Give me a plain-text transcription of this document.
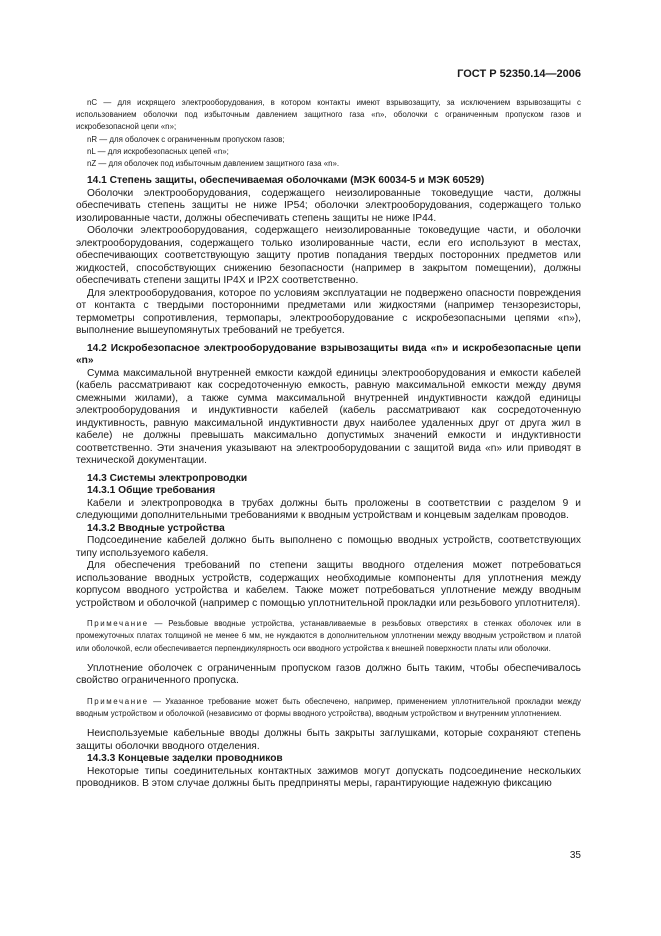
ГОСТ Р 52350.14—2006

nC — для искрящего электрооборудования, в котором контакты имеют взрывозащиту, за исключением взрывозащиты с использованием оболочки под избыточным давлением защитного газа «n», оболочки с ограниченным пропуском газов и искробезопасной цепи «n»;

nR — для оболочек с ограниченным пропуском газов;

nL — для искробезопасных цепей «n»;

nZ — для оболочек под избыточным давлением защитного газа «n».

14.1 Степень защиты, обеспечиваемая оболочками (МЭК 60034-5 и МЭК 60529)

Оболочки электрооборудования, содержащего неизолированные токоведущие части, должны обеспечивать степень защиты не ниже IP54; оболочки электрооборудования, содержащего только изолированные части, должны обеспечивать степень защиты не ниже IP44.

Оболочки электрооборудования, содержащего неизолированные токоведущие части, и оболочки электрооборудования, содержащего только изолированные части, если его используют в местах, обеспечивающих соответствующую защиту против попадания твердых посторонних предметов или жидкостей, способствующих снижению безопасности (например в закрытом помещении), должны обеспечивать степени защиты IP4X и IP2X соответственно.

Для электрооборудования, которое по условиям эксплуатации не подвержено опасности повреждения от контакта с твердыми посторонними предметами или жидкостями (например тензорезисторы, термометры сопротивления, термопары, электрооборудование с искробезопасными цепями «n»), выполнение вышеупомянутых требований не требуется.

14.2 Искробезопасное электрооборудование взрывозащиты вида «n» и искробезопасные цепи «n»

Сумма максимальной внутренней емкости каждой единицы электрооборудования и емкости кабелей (кабель рассматривают как сосредоточенную емкость, равную максимальной емкости между двумя смежными жилами), а также сумма максимальной внутренней индуктивности каждой единицы электрооборудования и индуктивности кабелей (кабель рассматривают как сосредоточенную индуктивность, равную максимальной индуктивности двух наиболее удаленных друг от друга жил в кабеле) не должны превышать максимально допустимых значений емкости и индуктивности соответственно. Эти значения указывают на электрооборудовании с защитой вида «n» или приводят в технической документации.

14.3 Системы электропроводки

14.3.1 Общие требования

Кабели и электропроводка в трубах должны быть проложены в соответствии с разделом 9 и следующими дополнительными требованиями к вводным устройствам и концевым заделкам проводов.

14.3.2 Вводные устройства

Подсоединение кабелей должно быть выполнено с помощью вводных устройств, соответствующих типу используемого кабеля.

Для обеспечения требований по степени защиты вводного отделения может потребоваться использование вводных устройств, содержащих необходимые компоненты для уплотнения между корпусом вводного устройства и кабелем. Также может потребоваться уплотнение между вводным устройством и оболочкой (например с помощью уплотнительной прокладки или резьбового уплотнителя).

Примечание — Резьбовые вводные устройства, устанавливаемые в резьбовых отверстиях в стенках оболочек или в промежуточных платах толщиной не менее 6 мм, не нуждаются в дополнительном уплотнении между вводным устройством и платой или оболочкой, если обеспечивается перпендикулярность оси вводного устройства к внешней поверхности платы или оболочки.

Уплотнение оболочек с ограниченным пропуском газов должно быть таким, чтобы обеспечивалось свойство ограниченного пропуска.

Примечание — Указанное требование может быть обеспечено, например, применением уплотнительной прокладки между вводным устройством и оболочкой (независимо от формы вводного устройства), вводным устройством и внутренним уплотнением.

Неиспользуемые кабельные вводы должны быть закрыты заглушками, которые сохраняют степень защиты оболочки вводного отделения.

14.3.3 Концевые заделки проводников

Некоторые типы соединительных контактных зажимов могут допускать подсоединение нескольких проводников. В этом случае должны быть предприняты меры, гарантирующие надежную фиксацию

35
